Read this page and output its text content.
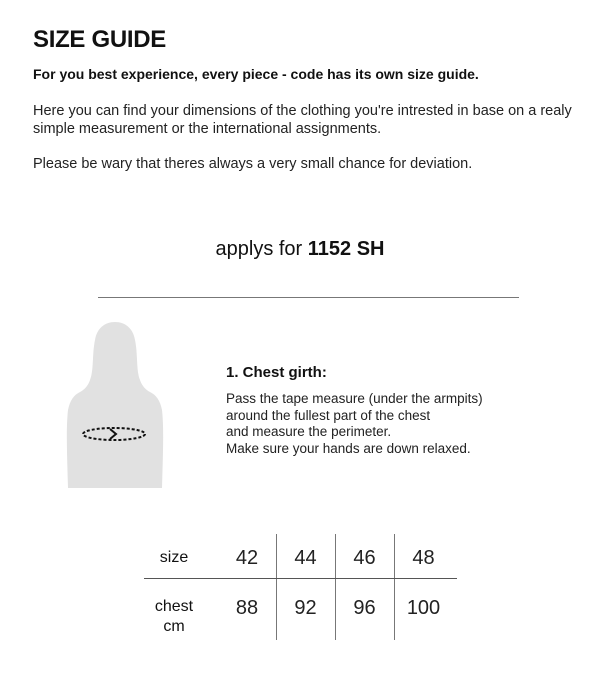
SIZE GUIDE

For you best experience, every piece - code has its own size guide.

Here you can find your dimensions of the clothing you're intrested in base on a realy simple measurement or the international assignments.

Please be wary that theres always a very small chance for deviation.

applys for 1152 SH

1. Chest girth:

Pass the tape measure (under the armpits)
around the fullest part of the chest
and measure the perimeter.
Make sure your hands are down relaxed.

size	42	44	46	48
chest
cm
88	92	96	100
